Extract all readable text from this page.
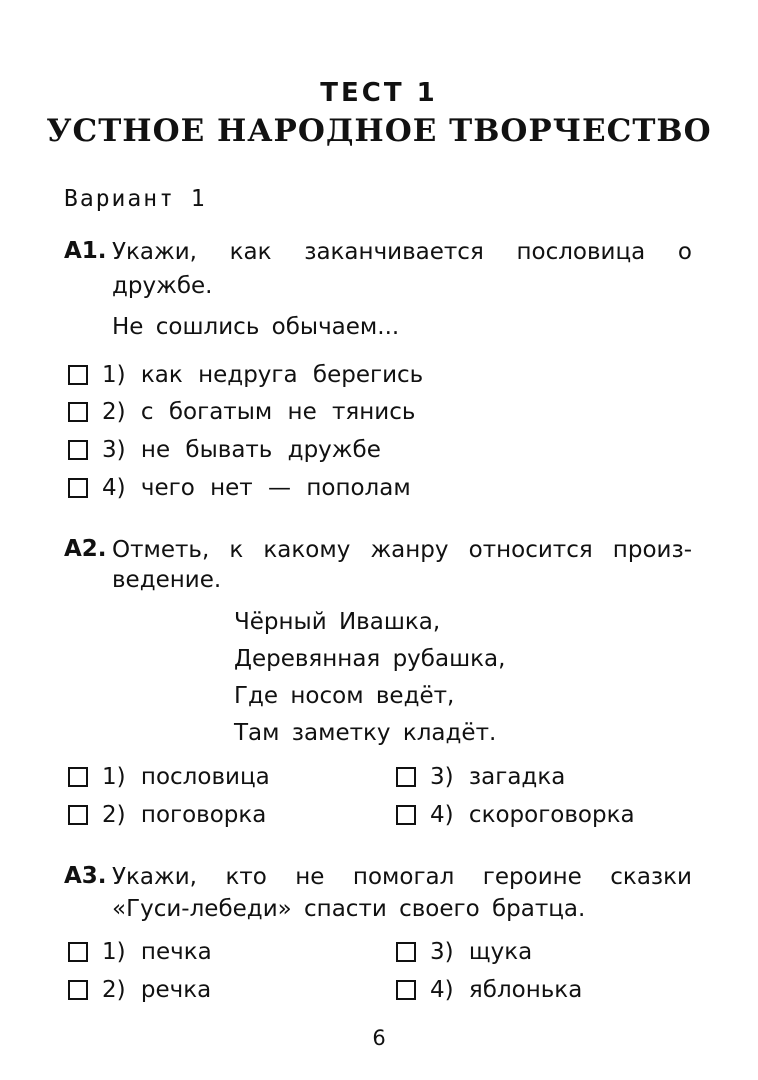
ТЕСТ 1
УСТНОЕ НАРОДНОЕ ТВОРЧЕСТВО
Вариант 1
А1. Укажи, как заканчивается пословица о
дружбе.
Не сошлись обычаем...
1) как недруга берегись
2) с богатым не тянись
3) не бывать дружбе
4) чего нет — пополам
А2. Отметь, к какому жанру относится произ-
ведение.
Чёрный Ивашка,
Деревянная рубашка,
Где носом ведёт,
Там заметку кладёт.
1) пословица	3) загадка
2) поговорка	4) скороговорка
А3. Укажи, кто не помогал героине сказки
«Гуси-лебеди» спасти своего братца.
1) печка	3) щука
2) речка	4) яблонька
6
